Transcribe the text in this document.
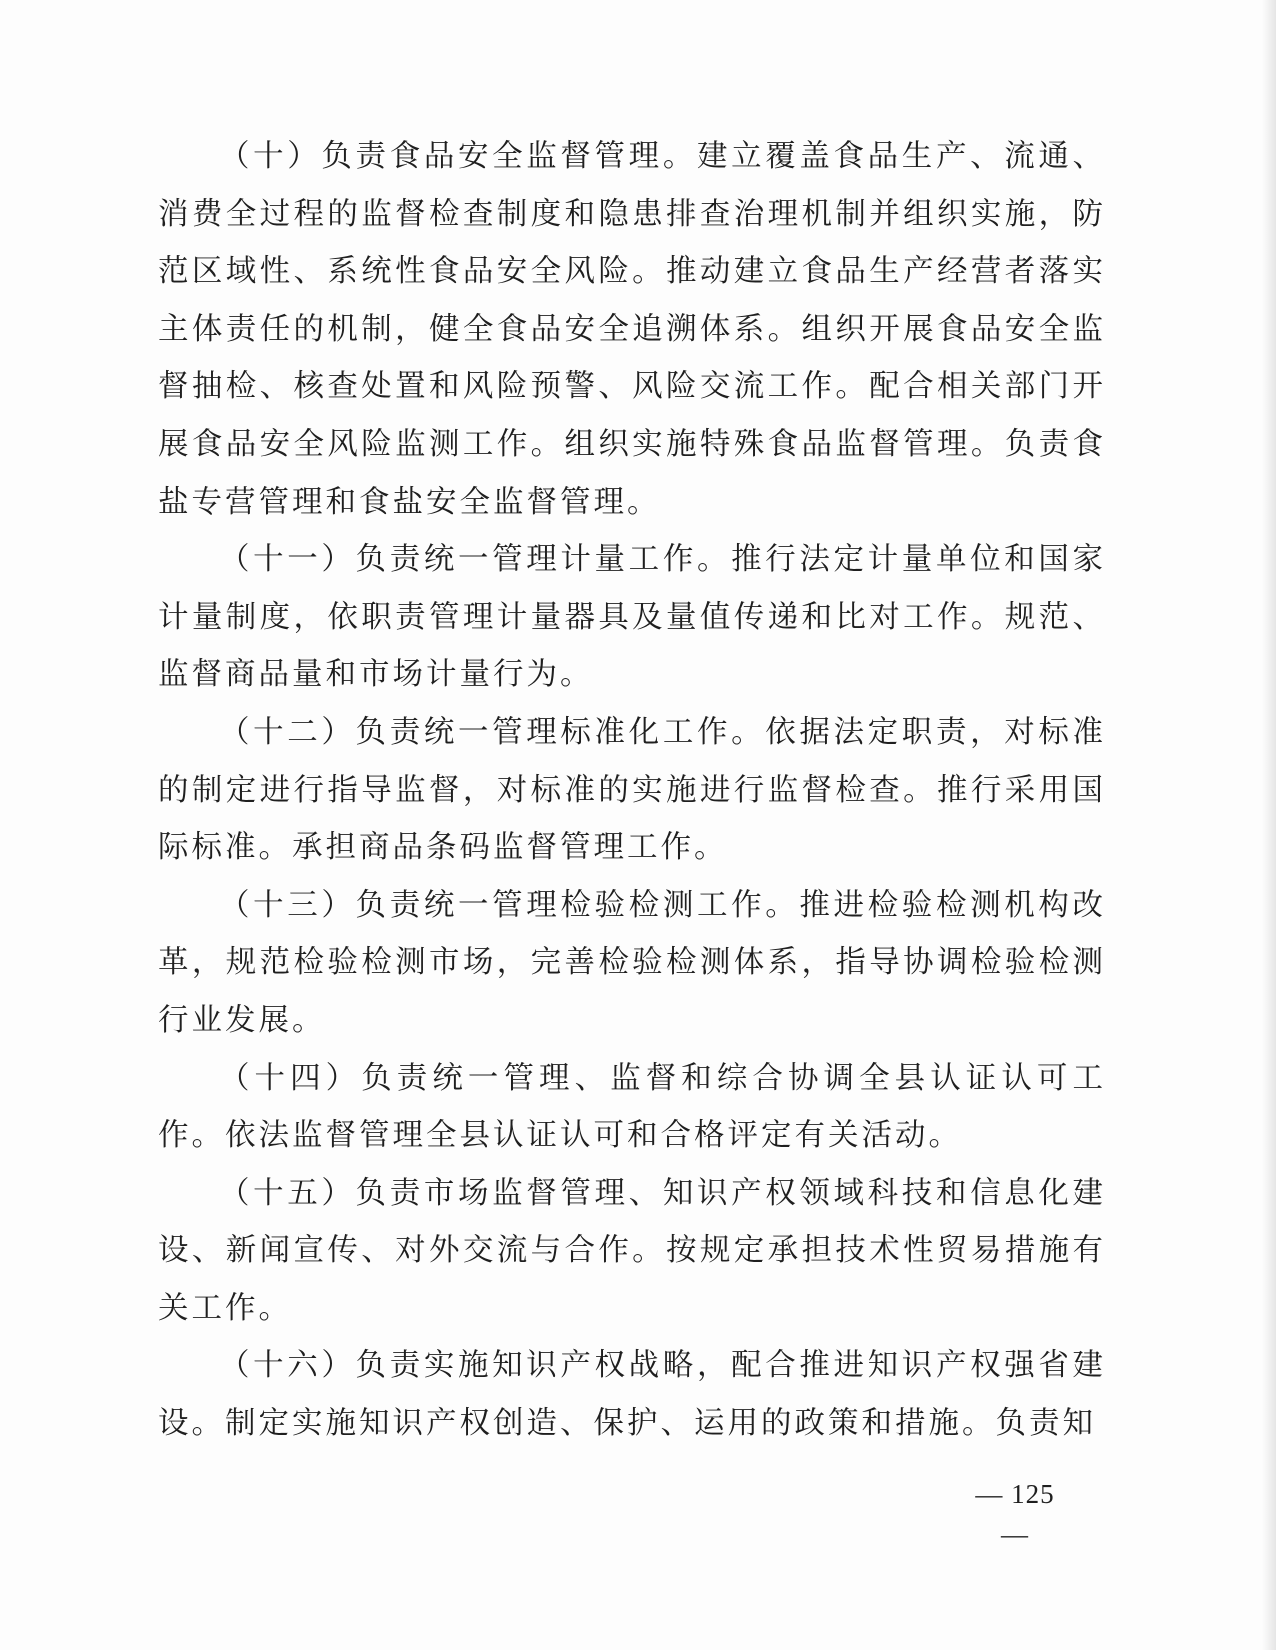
（十）负责食品安全监督管理。建立覆盖食品生产、流通、消费全过程的监督检查制度和隐患排查治理机制并组织实施，防范区域性、系统性食品安全风险。推动建立食品生产经营者落实主体责任的机制，健全食品安全追溯体系。组织开展食品安全监督抽检、核查处置和风险预警、风险交流工作。配合相关部门开展食品安全风险监测工作。组织实施特殊食品监督管理。负责食盐专营管理和食盐安全监督管理。

（十一）负责统一管理计量工作。推行法定计量单位和国家计量制度，依职责管理计量器具及量值传递和比对工作。规范、监督商品量和市场计量行为。

（十二）负责统一管理标准化工作。依据法定职责，对标准的制定进行指导监督，对标准的实施进行监督检查。推行采用国际标准。承担商品条码监督管理工作。

（十三）负责统一管理检验检测工作。推进检验检测机构改革，规范检验检测市场，完善检验检测体系，指导协调检验检测行业发展。

（十四）负责统一管理、监督和综合协调全县认证认可工作。依法监督管理全县认证认可和合格评定有关活动。

（十五）负责市场监督管理、知识产权领域科技和信息化建设、新闻宣传、对外交流与合作。按规定承担技术性贸易措施有关工作。

（十六）负责实施知识产权战略，配合推进知识产权强省建设。制定实施知识产权创造、保护、运用的政策和措施。负责知

— 125 —
